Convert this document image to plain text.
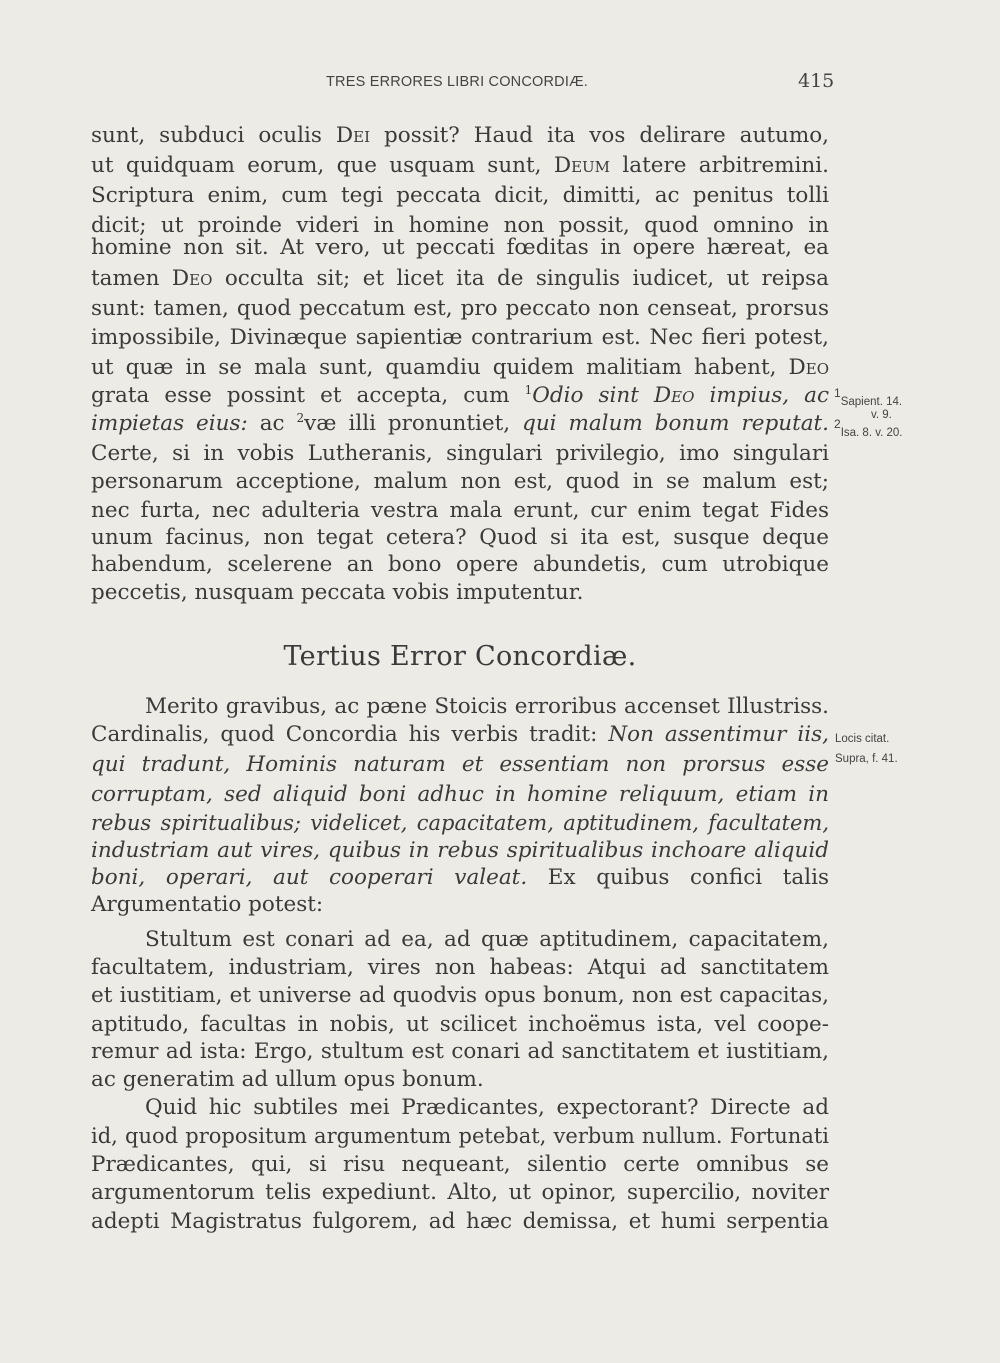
TRES ERRORES LIBRI CONCORDIÆ.	415
sunt, subduci oculis Dei possit? Haud ita vos delirare autumo,
ut quidquam eorum, que usquam sunt, Deum latere arbitremini.
Scriptura enim, cum tegi peccata dicit, dimitti, ac penitus tolli
dicit; ut proinde videri in homine non possit, quod omnino in
homine non sit. At vero, ut peccati fœditas in opere hæreat, ea
tamen Deo occulta sit; et licet ita de singulis iudicet, ut reipsa
sunt: tamen, quod peccatum est, pro peccato non censeat, prorsus
impossibile, Divinæque sapientiæ contrarium est. Nec fieri potest,
ut quæ in se mala sunt, quamdiu quidem malitiam habent, Deo
grata esse possint et accepta, cum $^1$Odio sint Deo impius, ac
impietas eius: ac $^2$væ illi pronuntiet, qui malum bonum reputat.
Certe, si in vobis Lutheranis, singulari privilegio, imo singulari
personarum acceptione, malum non est, quod in se malum est;
nec furta, nec adulteria vestra mala erunt, cur enim tegat Fides
unum facinus, non tegat cetera? Quod si ita est, susque deque
habendum, scelerene an bono opere abundetis, cum utrobique
peccetis, nusquam peccata vobis imputentur.
Tertius Error Concordiæ.
Merito gravibus, ac pæne Stoicis erroribus accenset Illustriss.
Cardinalis, quod Concordia his verbis tradit: Non assentimur iis,
qui tradunt, Hominis naturam et essentiam non prorsus esse
corruptam, sed aliquid boni adhuc in homine reliquum, etiam in
rebus spiritualibus; videlicet, capacitatem, aptitudinem, facultatem,
industriam aut vires, quibus in rebus spiritualibus inchoare aliquid
boni, operari, aut cooperari valeat. Ex quibus confici talis
Argumentatio potest:
Stultum est conari ad ea, ad quæ aptitudinem, capacitatem,
facultatem, industriam, vires non habeas: Atqui ad sanctitatem
et iustitiam, et universe ad quodvis opus bonum, non est capacitas,
aptitudo, facultas in nobis, ut scilicet inchoëmus ista, vel coope-
remur ad ista: Ergo, stultum est conari ad sanctitatem et iustitiam,
ac generatim ad ullum opus bonum.
Quid hic subtiles mei Prædicantes, expectorant? Directe ad
id, quod propositum argumentum petebat, verbum nullum. Fortunati
Prædicantes, qui, si risu nequeant, silentio certe omnibus se
argumentorum telis expediunt. Alto, ut opinor, supercilio, noviter
adepti Magistratus fulgorem, ad hæc demissa, et humi serpentia
$^1$Sapient. 14.
v. 9.
$^2$Isa. 8. v. 20.
Locis citat.
Supra, f. 41.
